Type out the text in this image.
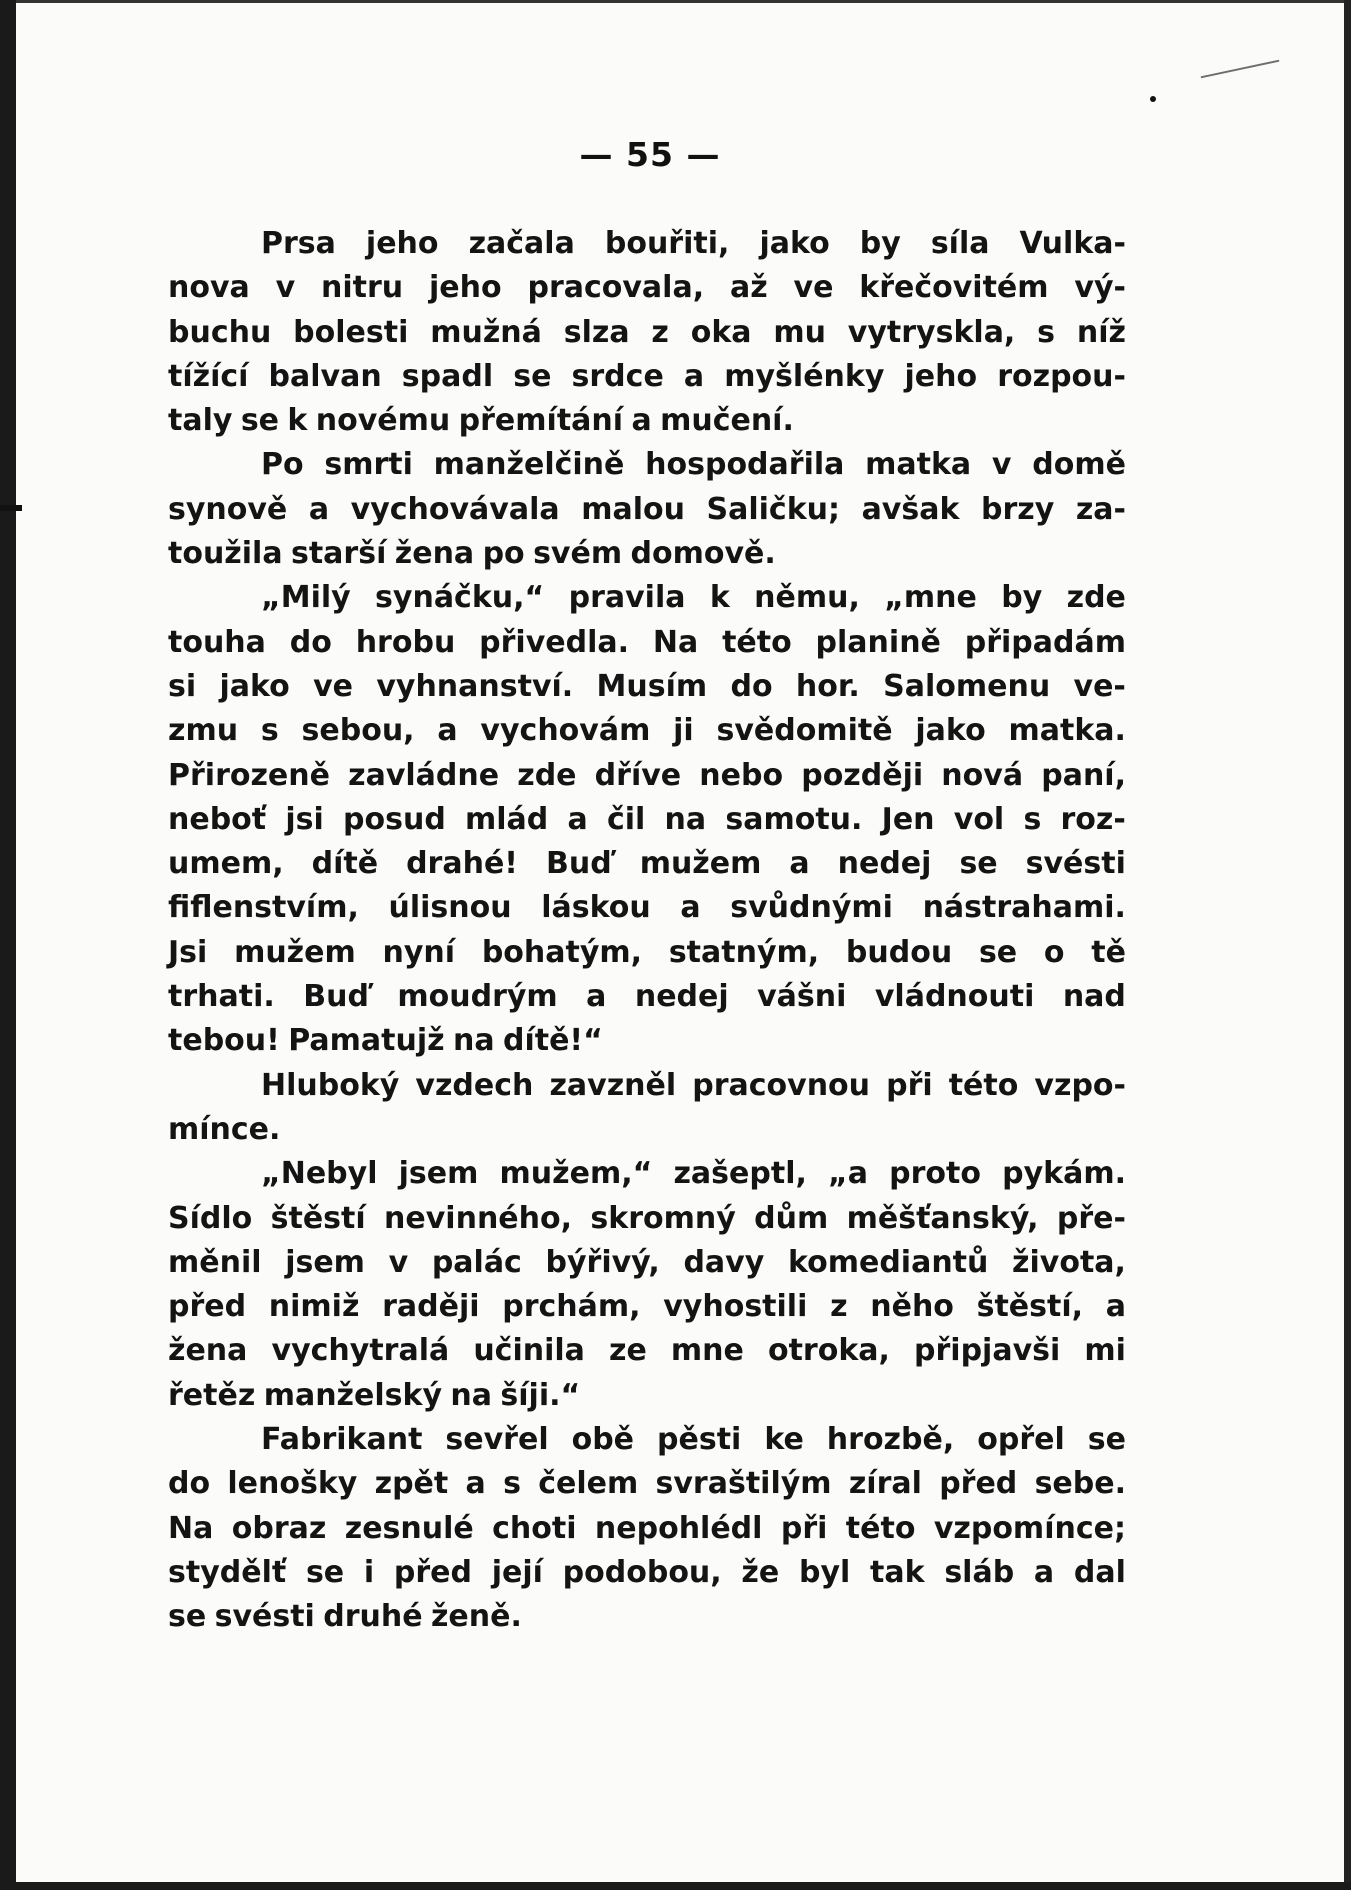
— 55 —
Prsa jeho začala bouřiti, jako by síla Vulka-
nova v nitru jeho pracovala, až ve křečovitém vý-
buchu bolesti mužná slza z oka mu vytryskla, s níž
tížící balvan spadl se srdce a myšlénky jeho rozpou-
taly se k novému přemítání a mučení.
Po smrti manželčině hospodařila matka v domě
synově a vychovávala malou Saličku; avšak brzy za-
toužila starší žena po svém domově.
„Milý synáčku,“ pravila k němu, „mne by zde
touha do hrobu přivedla. Na této planině připadám
si jako ve vyhnanství. Musím do hor. Salomenu ve-
zmu s sebou, a vychovám ji svědomitě jako matka.
Přirozeně zavládne zde dříve nebo později nová paní,
neboť jsi posud mlád a čil na samotu. Jen vol s roz-
umem, dítě drahé! Buď mužem a nedej se svésti
fiflenstvím, úlisnou láskou a svůdnými nástrahami.
Jsi mužem nyní bohatým, statným, budou se o tě
trhati. Buď moudrým a nedej vášni vládnouti nad
tebou! Pamatujž na dítě!“
Hluboký vzdech zavzněl pracovnou při této vzpo-
mínce.
„Nebyl jsem mužem,“ zašeptl, „a proto pykám.
Sídlo štěstí nevinného, skromný dům měšťanský, pře-
měnil jsem v palác býřivý, davy komediantů života,
před nimiž raději prchám, vyhostili z něho štěstí, a
žena vychytralá učinila ze mne otroka, připjavši mi
řetěz manželský na šíji.“
Fabrikant sevřel obě pěsti ke hrozbě, opřel se
do lenošky zpět a s čelem svraštilým zíral před sebe.
Na obraz zesnulé choti nepohlédl při této vzpomínce;
stydělť se i před její podobou, že byl tak sláb a dal
se svésti druhé ženě.
